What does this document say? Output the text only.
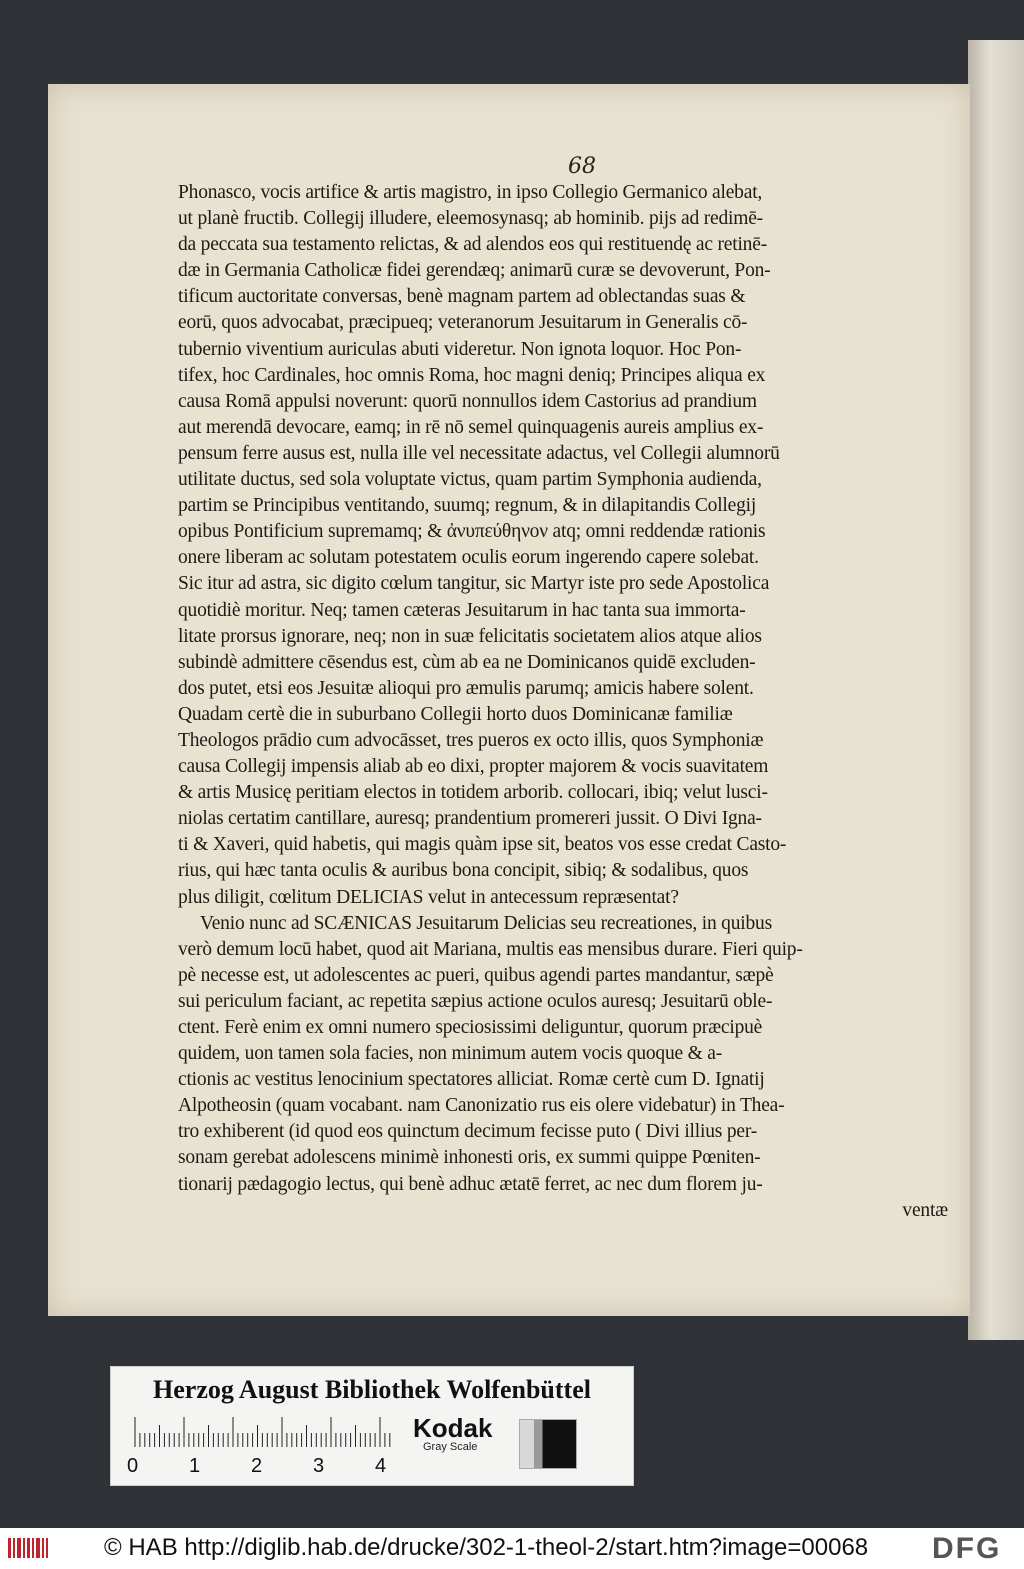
68
Phonasco, vocis artifice & artis magistro, in ipso Collegio Germanico alebat,
ut planè fructib. Collegij illudere, eleemosynasq; ab hominib. pijs ad redimē-
da peccata sua testamento relictas, & ad alendos eos qui restituendę ac retinē-
dæ in Germania Catholicæ fidei gerendæq; animarū curæ se devoverunt, Pon-
tificum auctoritate conversas, benè magnam partem ad oblectandas suas &
eorū, quos advocabat, præcipueq; veteranorum Jesuitarum in Generalis cō-
tubernio viventium auriculas abuti videretur. Non ignota loquor. Hoc Pon-
tifex, hoc Cardinales, hoc omnis Roma, hoc magni deniq; Principes aliqua ex
causa Romā appulsi noverunt: quorū nonnullos idem Castorius ad prandium
aut merendā devocare, eamq; in rē nō semel quinquagenis aureis amplius ex-
pensum ferre ausus est, nulla ille vel necessitate adactus, vel Collegii alumnorū
utilitate ductus, sed sola voluptate victus, quam partim Symphonia audienda,
partim se Principibus ventitando, suumq; regnum, & in dilapitandis Collegij
opibus Pontificium supremamq; & ἀνυπεύθηνον atq; omni reddendæ rationis
onere liberam ac solutam potestatem oculis eorum ingerendo capere solebat.
Sic itur ad astra, sic digito cœlum tangitur, sic Martyr iste pro sede Apostolica
quotidiè moritur. Neq; tamen cæteras Jesuitarum in hac tanta sua immorta-
litate prorsus ignorare, neq; non in suæ felicitatis societatem alios atque alios
subindè admittere cēsendus est, cùm ab ea ne Dominicanos quidē excluden-
dos putet, etsi eos Jesuitæ alioqui pro æmulis parumq; amicis habere solent.
Quadam certè die in suburbano Collegii horto duos Dominicanæ familiæ
Theologos prādio cum advocāsset, tres pueros ex octo illis, quos Symphoniæ
causa Collegij impensis aliab ab eo dixi, propter majorem & vocis suavitatem
& artis Musicę peritiam electos in totidem arborib. collocari, ibiq; velut lusci-
niolas certatim cantillare, auresq; prandentium promereri jussit. O Divi Igna-
ti & Xaveri, quid habetis, qui magis quàm ipse sit, beatos vos esse credat Casto-
rius, qui hæc tanta oculis & auribus bona concipit, sibiq; & sodalibus, quos
plus diligit, cœlitum DELICIAS velut in antecessum repræsentat?
Venio nunc ad SCÆNICAS Jesuitarum Delicias seu recreationes, in quibus
verò demum locū habet, quod ait Mariana, multis eas mensibus durare. Fieri quip-
pè necesse est, ut adolescentes ac pueri, quibus agendi partes mandantur, sæpè
sui periculum faciant, ac repetita sæpius actione oculos auresq; Jesuitarū oble-
ctent. Ferè enim ex omni numero speciosissimi deliguntur, quorum præcipuè
quidem, uon tamen sola facies, non minimum autem vocis quoque & a-
ctionis ac vestitus lenocinium spectatores alliciat. Romæ certè cum D. Ignatij
Alpotheosin (quam vocabant. nam Canonizatio rus eis olere videbatur) in Thea-
tro exhiberent (id quod eos quinctum decimum fecisse puto ( Divi illius per-
sonam gerebat adolescens minimè inhonesti oris, ex summi quippe Pœniten-
tionarij pædagogio lectus, qui benè adhuc ætatē ferret, ac nec dum florem ju-
ventæ
Herzog August Bibliothek Wolfenbüttel
0	1	2	3	4
Kodak
Gray Scale
© HAB http://diglib.hab.de/drucke/302-1-theol-2/start.htm?image=00068 DFG
